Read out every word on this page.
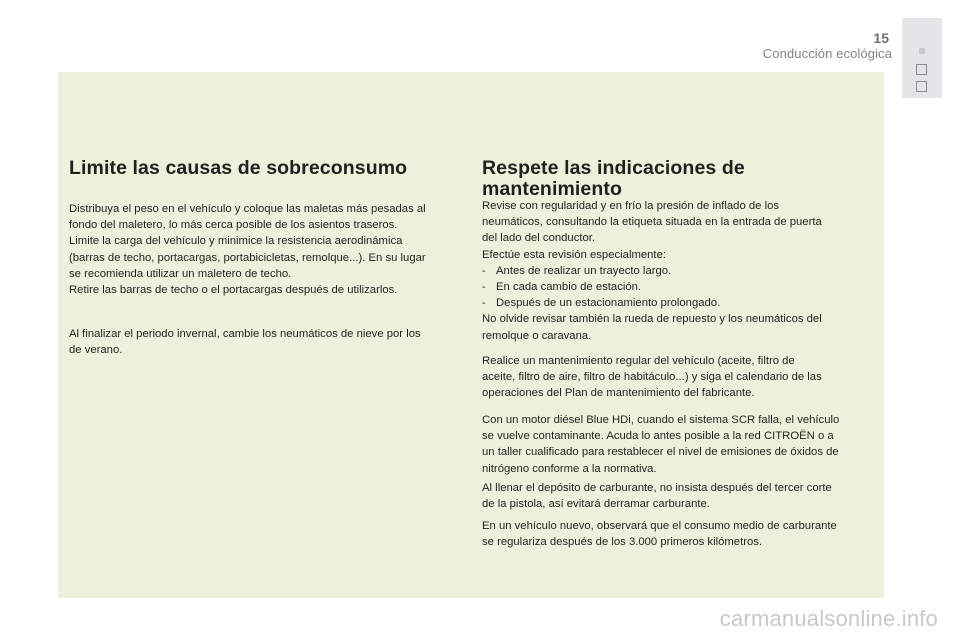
15
Conducción ecológica
Limite las causas de sobreconsumo

Distribuya el peso en el vehículo y coloque las maletas más pesadas al

fondo del maletero, lo más cerca posible de los asientos traseros.

Limite la carga del vehículo y minimice la resistencia aerodinámica

(barras de techo, portacargas, portabicicletas, remolque...). En su lugar

se recomienda utilizar un maletero de techo.

Retire las barras de techo o el portacargas después de utilizarlos.

Al finalizar el periodo invernal, cambie los neumáticos de nieve por los

de verano.

Respete las indicaciones de
mantenimiento

Revise con regularidad y en frío la presión de inflado de los

neumáticos, consultando la etiqueta situada en la entrada de puerta

del lado del conductor.

Efectúe esta revisión especialmente:

- Antes de realizar un trayecto largo.
- En cada cambio de estación.
- Después de un estacionamiento prolongado.

No olvide revisar también la rueda de repuesto y los neumáticos del

remolque o caravana.

Realice un mantenimiento regular del vehículo (aceite, filtro de

aceite, filtro de aire, filtro de habitáculo...) y siga el calendario de las

operaciones del Plan de mantenimiento del fabricante.

Con un motor diésel Blue HDi, cuando el sistema SCR falla, el vehículo

se vuelve contaminante. Acuda lo antes posible a la red CITROËN o a

un taller cualificado para restablecer el nivel de emisiones de óxidos de

nitrógeno conforme a la normativa.

Al llenar el depósito de carburante, no insista después del tercer corte

de la pistola, así evitará derramar carburante.

En un vehículo nuevo, observará que el consumo medio de carburante

se regulariza después de los 3.000 primeros kilómetros.

carmanualsonline.info
